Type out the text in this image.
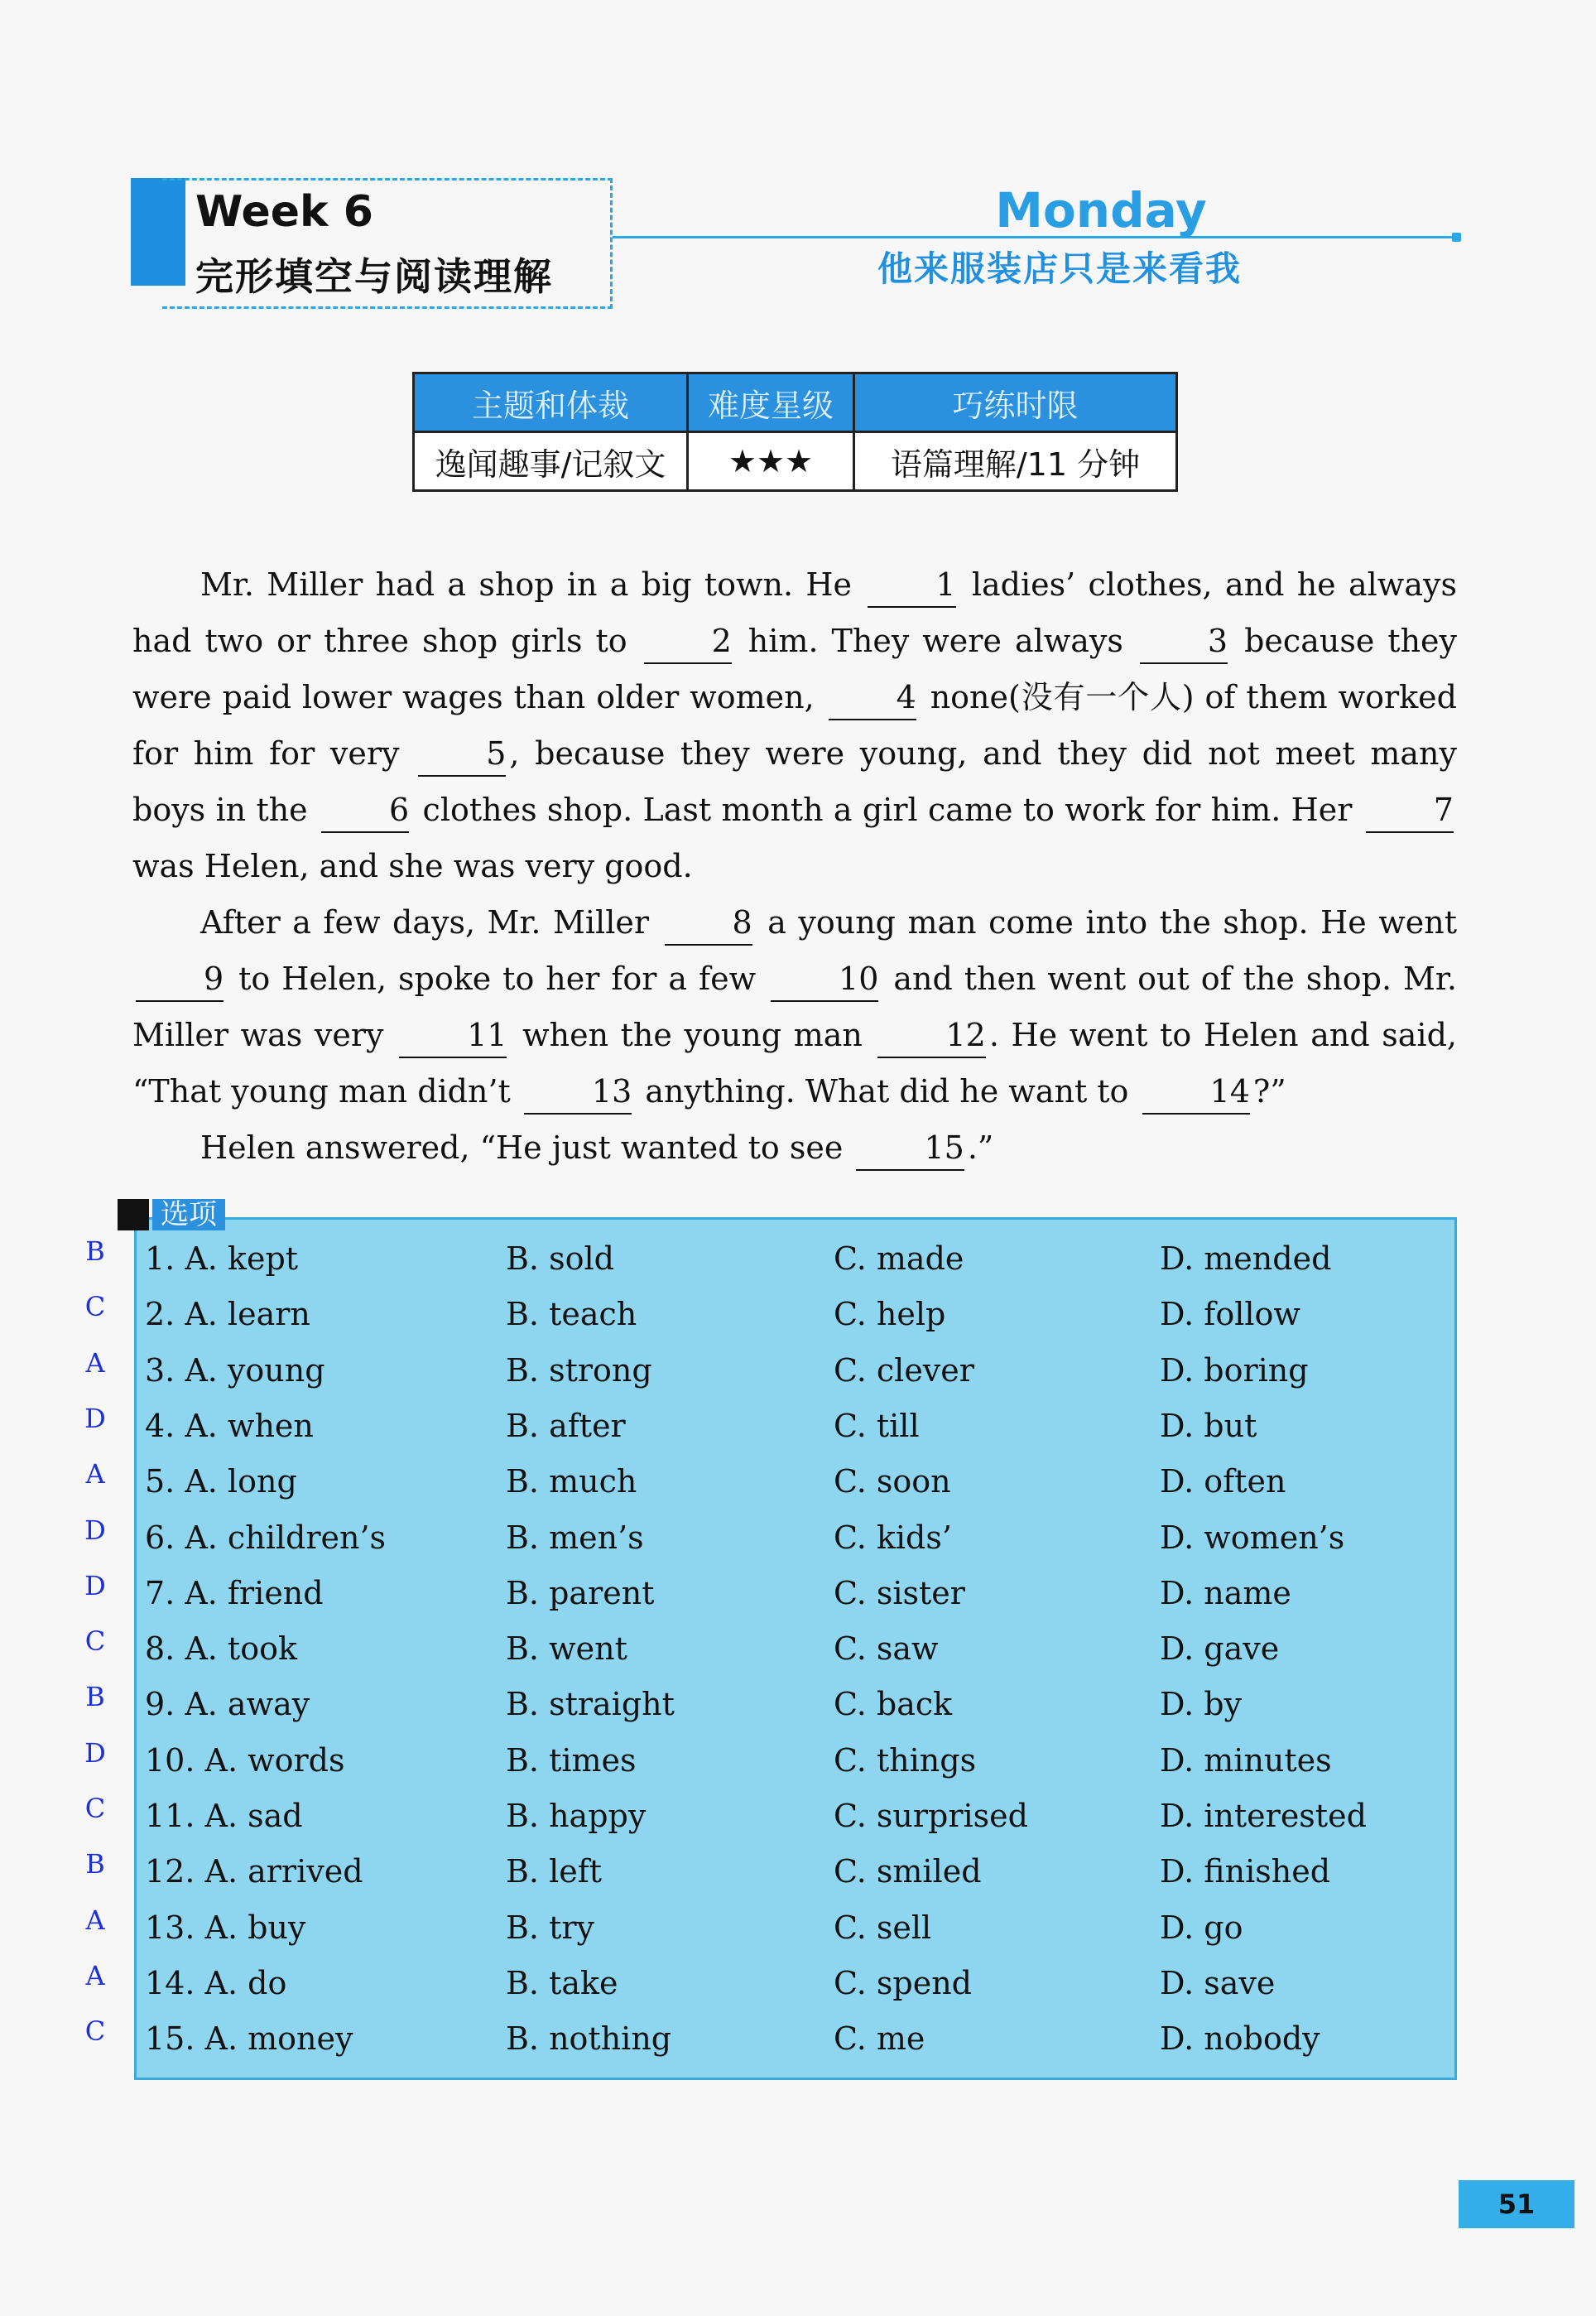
Week 6
完形填空与阅读理解
Monday
他来服装店只是来看我
主题和体裁	难度星级	巧练时限
逸闻趣事/记叙文	★★★	语篇理解/11 分钟

Mr. Miller had a shop in a big town. He	1 ladies’ clothes, and he always had two or three shop girls to	2 him. They were always	3 because they were paid lower wages than older women,	4 none(没有一个人) of them worked for him for very	5 , because they were young, and they did not meet many boys in the	6 clothes shop. Last month a girl came to work for him. Her	7 was Helen, and she was very good.

After a few days, Mr. Miller	8 a young man come into the shop. He went 9 to Helen, spoke to her for a few	10 and then went out of the shop. Mr. Miller was very	11 when the young man	12 . He went to Helen and said, “That young man didn’t	13 anything. What did he want to	14 ?”

Helen answered, “He just wanted to see	15 .”

1. A. kept	B. sold	C. made	D. mended
2. A. learn	B. teach	C. help	D. follow
3. A. young	B. strong	C. clever	D. boring
4. A. when	B. after	C. till	D. but
5. A. long	B. much	C. soon	D. often
6. A. children’s	B. men’s	C. kids’	D. women’s
7. A. friend	B. parent	C. sister	D. name
8. A. took	B. went	C. saw	D. gave
9. A. away	B. straight	C. back	D. by
10. A. words	B. times	C. things	D. minutes
11. A. sad	B. happy	C. surprised	D. interested
12. A. arrived	B. left	C. smiled	D. finished
13. A. buy	B. try	C. sell	D. go
14. A. do	B. take	C. spend	D. save
15. A. money	B. nothing	C. me	D. nobody
选项
B
C
A
D
A
D
D
C
B
D
C
B
A
A
C
51
